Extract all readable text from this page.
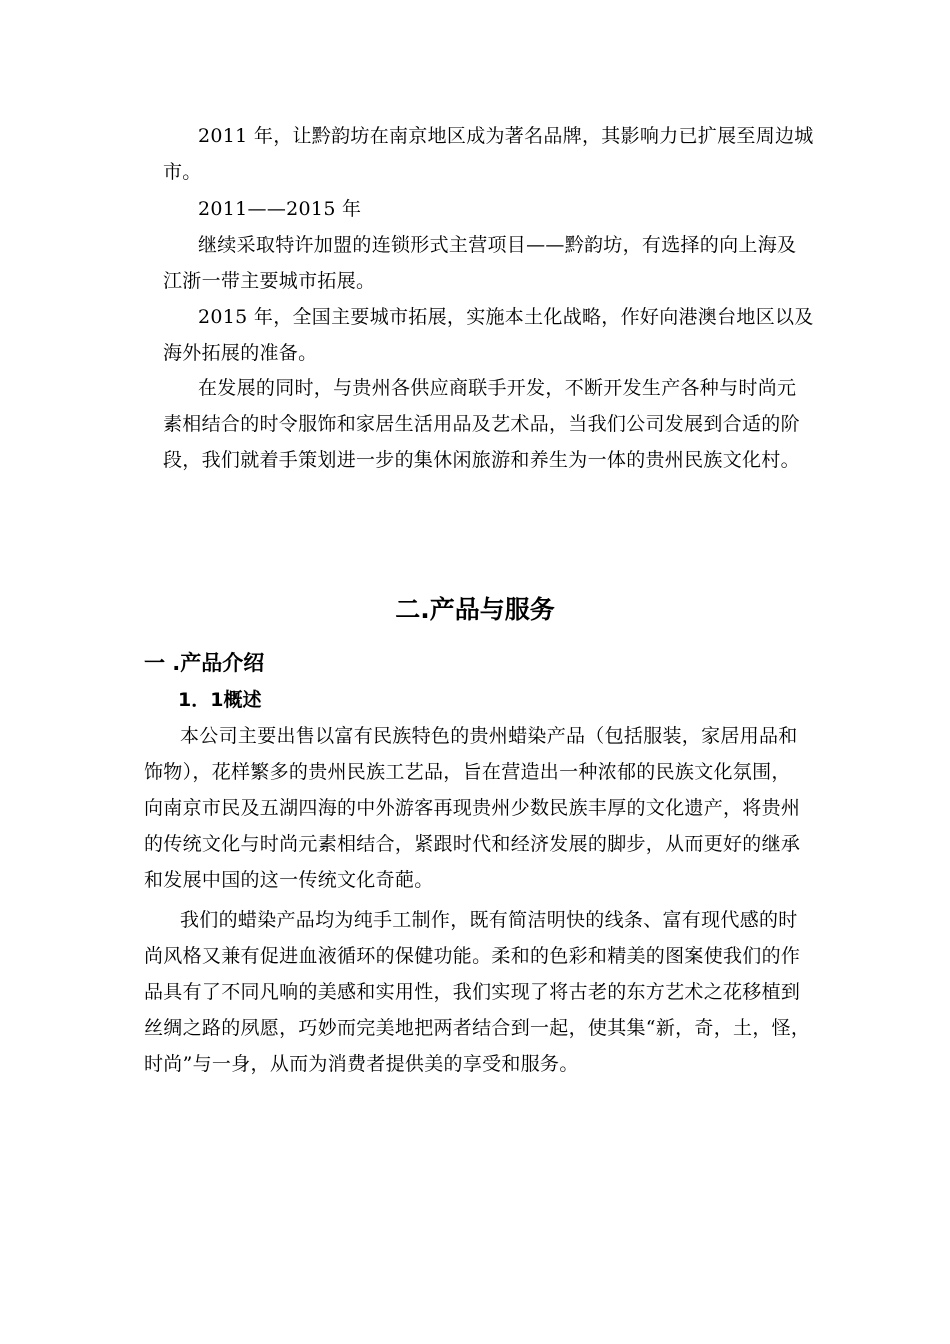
2011 年，让黔韵坊在南京地区成为著名品牌，其影响力已扩展至周边城

市。

2011——2015 年

继续采取特许加盟的连锁形式主营项目——黔韵坊，有选择的向上海及

江浙一带主要城市拓展。

2015 年，全国主要城市拓展，实施本土化战略，作好向港澳台地区以及

海外拓展的准备。

在发展的同时，与贵州各供应商联手开发，不断开发生产各种与时尚元

素相结合的时令服饰和家居生活用品及艺术品，当我们公司发展到合适的阶

段，我们就着手策划进一步的集休闲旅游和养生为一体的贵州民族文化村。

二.产品与服务
一 .产品介绍
1．1概述

本公司主要出售以富有民族特色的贵州蜡染产品（包括服装，家居用品和

饰物），花样繁多的贵州民族工艺品，旨在营造出一种浓郁的民族文化氛围，

向南京市民及五湖四海的中外游客再现贵州少数民族丰厚的文化遗产，将贵州

的传统文化与时尚元素相结合，紧跟时代和经济发展的脚步，从而更好的继承

和发展中国的这一传统文化奇葩。

我们的蜡染产品均为纯手工制作，既有简洁明快的线条、富有现代感的时

尚风格又兼有促进血液循环的保健功能。柔和的色彩和精美的图案使我们的作

品具有了不同凡响的美感和实用性，我们实现了将古老的东方艺术之花移植到

丝绸之路的夙愿，巧妙而完美地把两者结合到一起，使其集“新，奇，土，怪，

时尚”与一身，从而为消费者提供美的享受和服务。
